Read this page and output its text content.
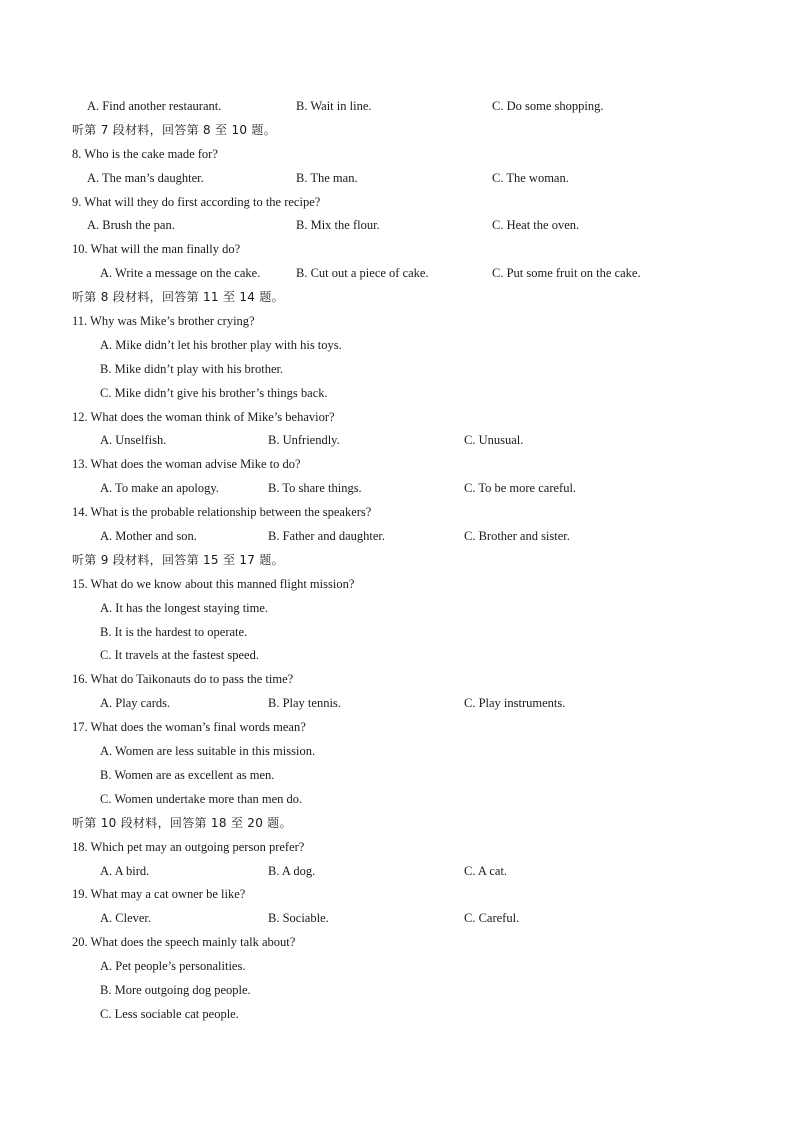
A. Find another restaurant.	B. Wait in line.	C. Do some shopping.
听第 7 段材料，回答第 8 至 10 题。
8. Who is the cake made for?
A. The man’s daughter.	B. The man.	C. The woman.
9. What will they do first according to the recipe?
A. Brush the pan.	B. Mix the flour.	C. Heat the oven.
10. What will the man finally do?
A. Write a message on the cake.	B. Cut out a piece of cake.	C. Put some fruit on the cake.
听第 8 段材料，回答第 11 至 14 题。
11. Why was Mike’s brother crying?
A. Mike didn’t let his brother play with his toys.
B. Mike didn’t play with his brother.
C. Mike didn’t give his brother’s things back.
12. What does the woman think of Mike’s behavior?
A. Unselfish.	B. Unfriendly.	C. Unusual.
13. What does the woman advise Mike to do?
A. To make an apology.	B. To share things.	C. To be more careful.
14. What is the probable relationship between the speakers?
A. Mother and son.	B. Father and daughter.	C. Brother and sister.
听第 9 段材料，回答第 15 至 17 题。
15. What do we know about this manned flight mission?
A. It has the longest staying time.
B. It is the hardest to operate.
C. It travels at the fastest speed.
16. What do Taikonauts do to pass the time?
A. Play cards.	B. Play tennis.	C. Play instruments.
17. What does the woman’s final words mean?
A. Women are less suitable in this mission.
B. Women are as excellent as men.
C. Women undertake more than men do.
听第 10 段材料，回答第 18 至 20 题。
18. Which pet may an outgoing person prefer?
A. A bird.	B. A dog.	C. A cat.
19. What may a cat owner be like?
A. Clever.	B. Sociable.	C. Careful.
20. What does the speech mainly talk about?
A. Pet people’s personalities.
B. More outgoing dog people.
C. Less sociable cat people.
